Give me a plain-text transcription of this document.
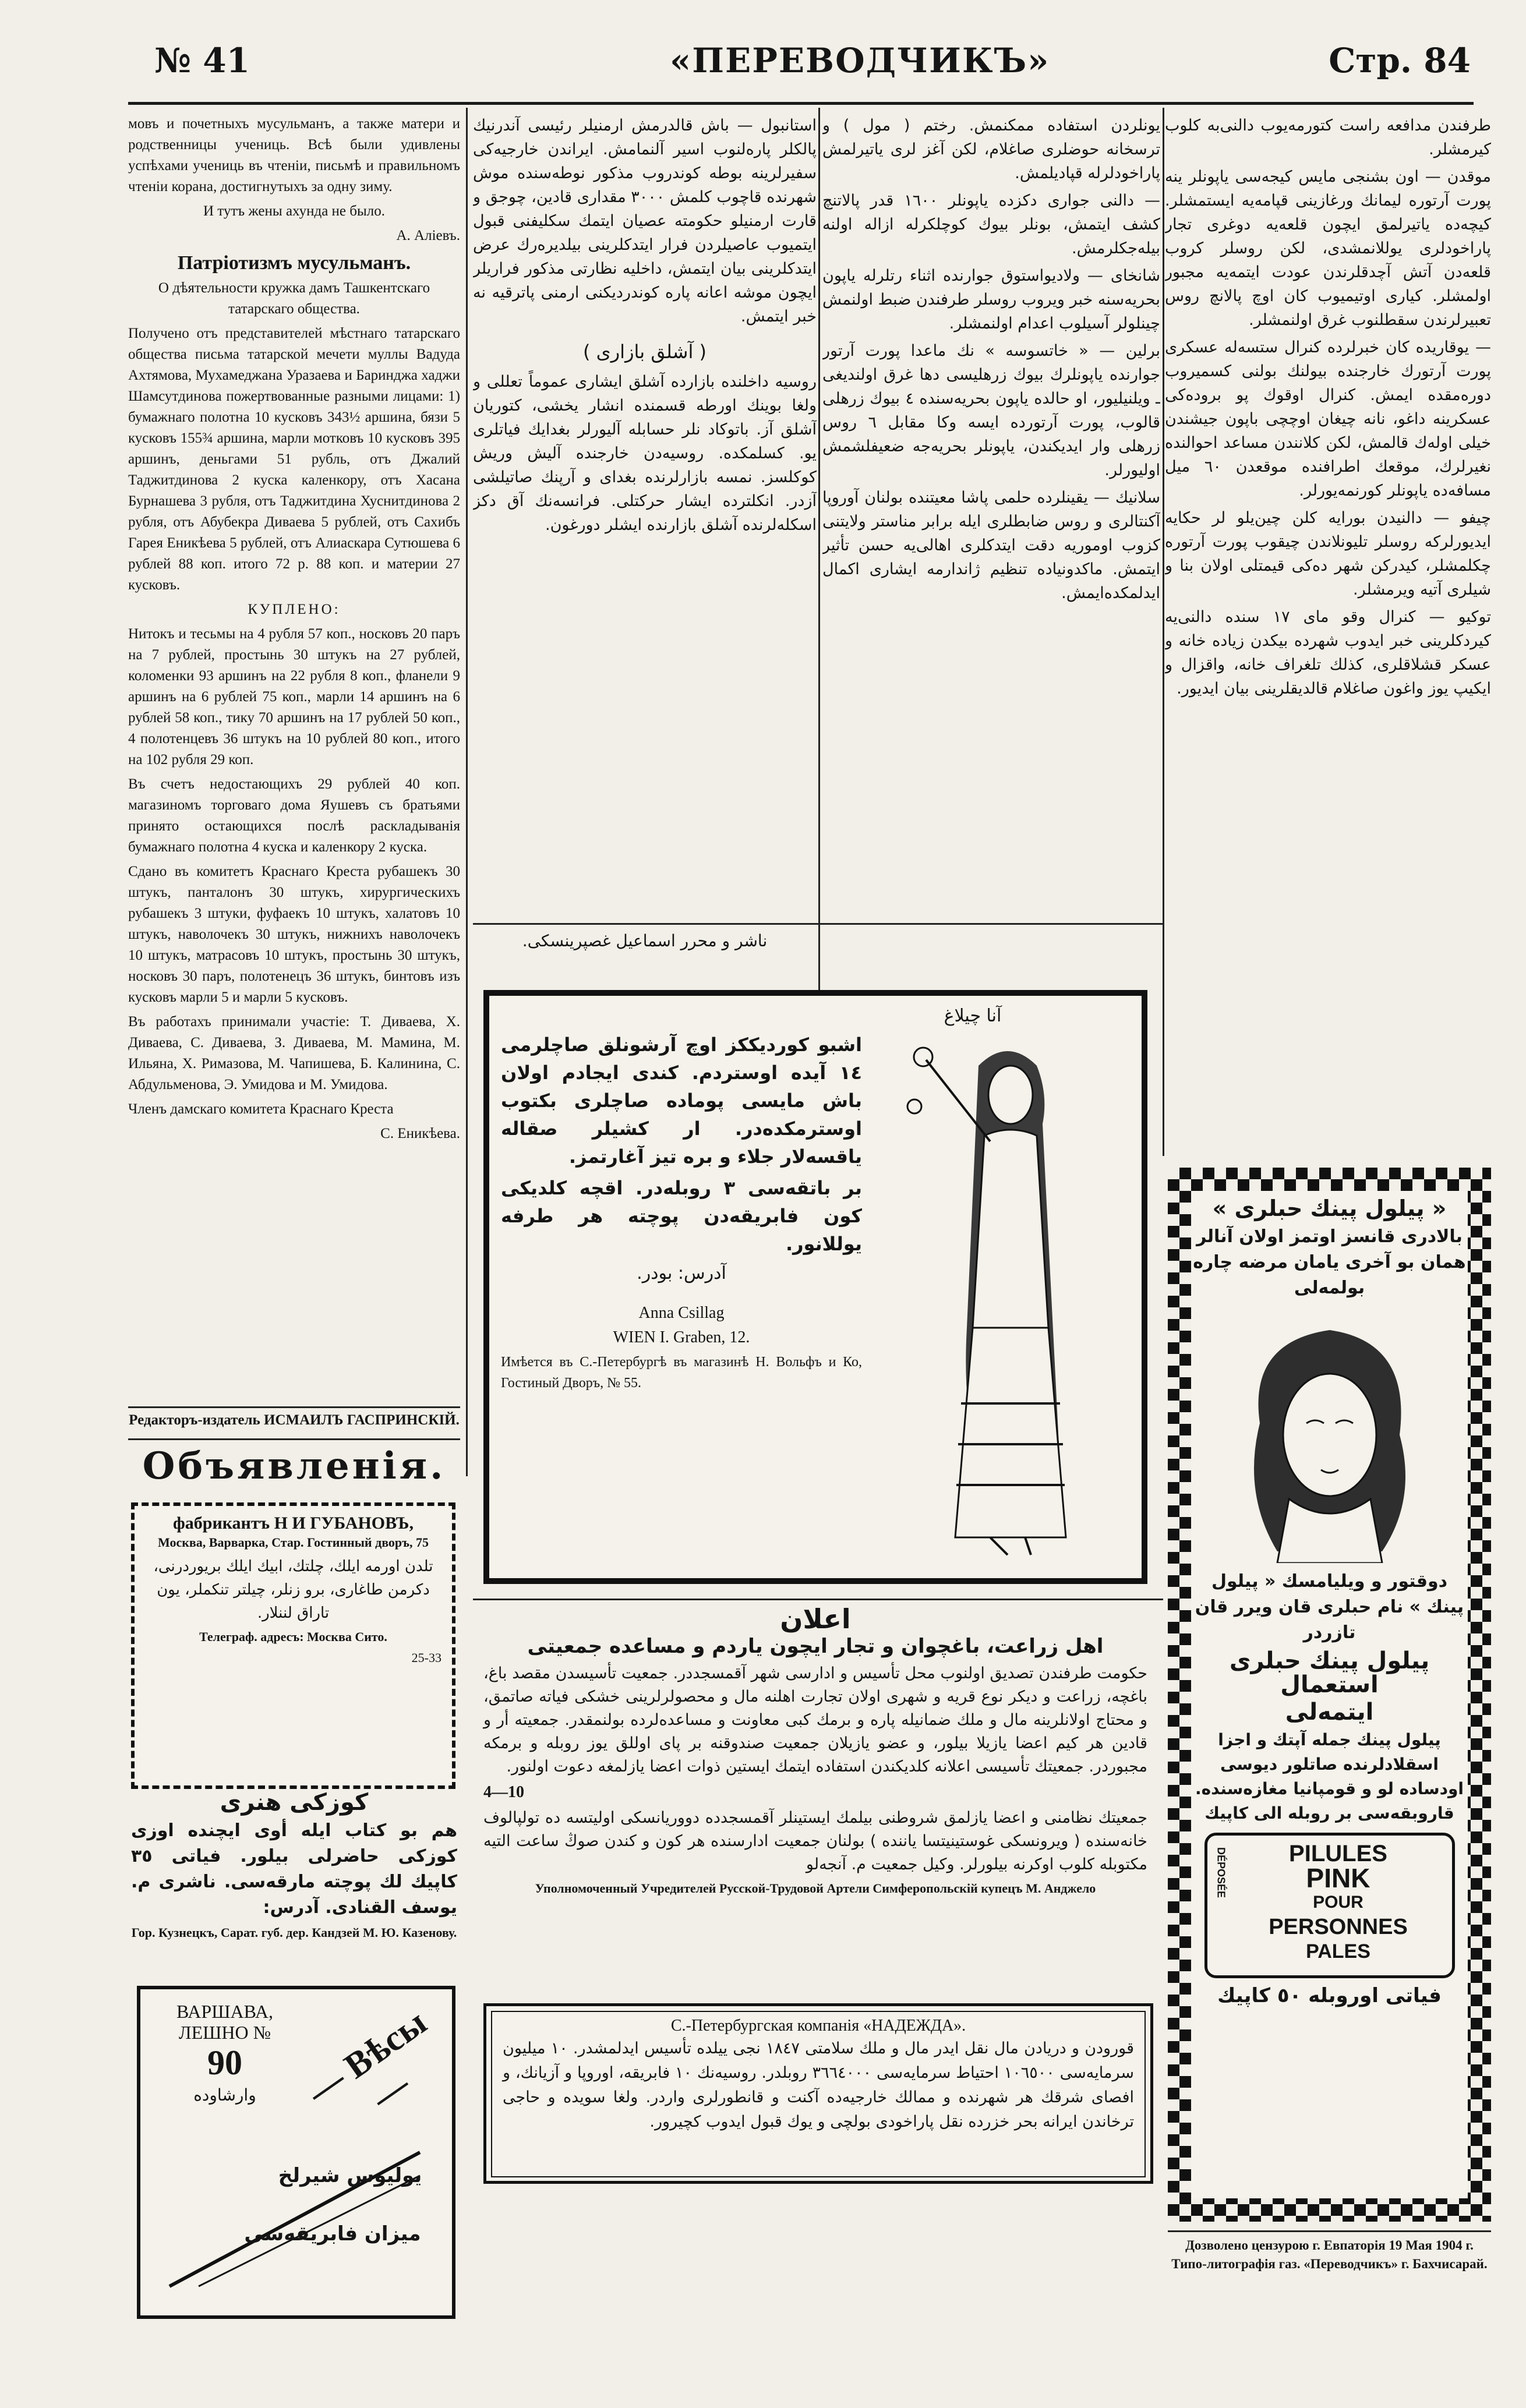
№ 41	«ПЕРЕВОДЧИКЪ»	Стр. 84

мовъ и почетныхъ мусульманъ, а также матери и родственницы учениць. Всѣ были удивлены успѣхами учениць въ чтеніи, письмѣ и правильномъ чтеніи корана, достигнутыхъ за одну зиму.

И тутъ жены ахунда не было.

А. Алiевъ.

Патріотизмъ мусульманъ.

О дѣятельности кружка дамъ Ташкентскаго татарскаго общества.

Получено отъ представителей мѣстнаго татарскаго общества письма татарской мечети муллы Вадуда Ахтямова, Мухамеджана Уразаева и Баринджа хаджи Шамсутдинова пожертвованные разными лицами: 1) бумажнаго полотна 10 кусковъ 343½ аршина, бязи 5 кусковъ 155¾ аршина, марли мотковъ 10 кусковъ 395 аршинъ, деньгами 51 рубль, отъ Джалий Таджитдинова 2 куска каленкору, отъ Хасана Бурнашева 3 рубля, отъ Таджитдина Хуснитдинова 2 рубля, отъ Абубекра Диваева 5 рублей, отъ Сахибъ Гарея Еникѣева 5 рублей, отъ Алиаскара Сутюшева 6 рублей 88 коп. итого 72 р. 88 коп. и материи 27 кусковъ.

КУПЛЕНО:

Нитокъ и тесьмы на 4 рубля 57 коп., носковъ 20 паръ на 7 рублей, простынь 30 штукъ на 27 рублей, коломенки 93 аршинъ на 22 рубля 8 коп., фланели 9 аршинъ на 6 рублей 75 коп., марли 14 аршинъ на 6 рублей 58 коп., тику 70 аршинъ на 17 рублей 50 коп., 4 полотенцевъ 36 штукъ на 10 рублей 80 коп., итого на 102 рубля 29 коп.

Въ счетъ недостающихъ 29 рублей 40 коп. магазиномъ торговаго дома Яушевъ съ братьями принято остающихся послѣ раскладыванія бумажнаго полотна 4 куска и каленкору 2 куска.

Сдано въ комитетъ Краснаго Креста рубашекъ 30 штукъ, панталонъ 30 штукъ, хирургическихъ рубашекъ 3 штуки, фуфаекъ 10 штукъ, халатовъ 10 штукъ, наволочекъ 30 штукъ, нижнихъ наволочекъ 10 штукъ, матрасовъ 10 штукъ, простынь 30 штукъ, носковъ 30 паръ, полотенецъ 36 штукъ, бинтовъ изъ кусковъ марли 5 и марли 5 кусковъ.

Въ работахъ принимали участіе: Т. Диваева, Х. Диваева, С. Диваева, З. Диваева, М. Мамина, М. Ильяна, Х. Римазова, М. Чапишева, Б. Калинина, С. Абдульменова, Э. Умидова и М. Умидова.

Членъ дамскаго комитета Краснаго Креста

С. Еникѣева.

Редакторъ-издатель ИСМАИЛЪ ГАСПРИНСКІЙ.

Объявленія.

фабрикантъ Н И ГУБАНОВЪ,
Москва, Варварка, Стар. Гостинный дворъ, 75
تلدن اورمه ایلك، چلتك، ابیك ایلك بریوردرنی، دکرمن طاغارى، برو زنلر، چیلتر تنکملر، یون تاراق لننلار.
Телеграф. адресъ: Москва Сито.
25-33
کوزکی هنری
هم بو کتاب ایله أوی ایچنده اوزی کوزکی حاضرلی بیلور. فیاتی ٣٥ کاپیك لك پوچته مارقه‌سی. ناشری م. یوسف القنادی. آدرس:
Гор. Кузнецкъ, Сарат. губ. дер. Кандзей М. Ю. Казенову.
ВАРШАВА,
ЛЕШНО №
90
وارشاوده	— Вѣсы —
یولیوس شیرلخ
ميزان فابريقه‌سى

استانبول — باش قالدرمش ارمنیلر رئیسی آندرنیك پالکلر پاره‌لنوب اسیر آلنمامش. ایراندن خارجیه‌کی سفیرلرینه بوطه‌ کوندروب مذکور نوطه‌سنده موش شهرنده قاچوب کلمش ٣٠٠٠ مقداری قادین، چوجق و قارت ارمنیلو حکومته عصیان ایتمك سکلیفنی قبول ایتمیوب عاصیلردن فرار ایتدکلرینی بیلدیره‌رك عرض ایتدکلرینی بیان ایتمش، داخلیه نظارتی مذکور فراریلر ایچون موشه اعانه پاره کوندردیکنی ارمنی پاترقیه‌ نه خبر ایتمش.

( آشلق بازاری )

روسیه داخلنده بازارده آشلق ایشاری عموماً تعللی و ولغا بوینك اورطه قسمنده انشار یخشی، کتوریان آشلق آز. باتوکاد نلر حسابله آلیورلر بغدایك فیاتلری یو. کسلمکده. روسیه‌دن خارجنده آلیش وریش کوکلسز. نمسه بازارلرنده بغدای و آرپنك صاتیلشی آزدر. انکلترده ایشار حرکتلی. فرانسه‌نك آق دکز اسکله‌لرنده آشلق بازارنده ایشلر دورغون.

ناشر و محرر اسماعیل غصپرینسکی.

یونلردن استفاده ممکنمش. رختم ( مول ) و ترسخانه حوضلری صاغلام، لکن آغز لری یاتیرلمش پاراخودلرله قپادیلمش.

— دالنی جواری دکزده یاپونلر ١٦٠٠ قدر پالاتنچ کشف ایتمش، بونلر بیوك کوچلکرله ازاله اولنه بیله‌جکلرمش.

شانخای — ولادیواستوق جوارنده اثناء رتلرله یاپون بحریه‌سنه خبر ویروب روسلر طرفندن ضبط اولنمش چینلولر آسیلوب اعدام اولنمشلر.

برلین — « خاتسوسه » نك ماعدا پورت آرتور جوارنده یاپونلرك بیوك زرهلیسی دها غرق اولندیغی ـ ویلنیلیور، او حالده یاپون بحریه‌سنده ٤ بیوك زرهلی قالوب، پورت آرتورده ایسه وکا مقابل ٦ روس زرهلی وار ایدیکندن، یاپونلر بحریه‌جه ضعیفلشمش اولیورلر.

سلانیك — یقینلرده حلمی پاشا معیتنده بولنان آوروپا آکنتالری و روس ضابطلری ایله برابر مناستر ولایتنی کزوب اوموریه دقت ایتدکلری اهالی‌یه حسن تأثیر ایتمش. ماکدونیاده تنظیم ژاندارمه ایشاری اکمال ایدلمکده‌ایمش.

آنا چیلاغ

اشبو کوردیککز اوچ آرشونلق صاچلرمی ١٤ آیده اوستردم. کندی ایجادم اولان باش مایسی پوماده صاچلری بکتوب اوسترمکده‌در. ار کشیلر صقاله یاقسه‌لار جلاء و بره تیز آغارتمز.

بر باتقه‌سی ٣ روبله‌در. اقچه کلدیکی کون فابریقه‌دن پوچته هر طرفه یوللانور.

آدرس: بودر.

Anna Csillag

WIEN I. Graben, 12.

Имѣется въ С.-Петербургѣ въ магазинѣ Н. Вольфъ и Ко, Гостиный Дворъ, № 55.

اعلان
اهل زراعت، باغچوان و تجار ایچون یاردم و مساعده جمعیتی

حکومت طرفندن تصدیق اولنوب محل تأسیس و ادارسی شهر آقمسجددر. جمعیت تأسیسدن مقصد باغ، باغچه، زراعت و دیکر نوع قریه و شهری اولان تجارت اهلنه مال و محصولرلرینی خشکی فیاته صاتمق، و محتاج اولانلرینه مال و ملك ضمانیله پاره و برمك کبی معاونت و مساعده‌لرده بولنمقدر. جمعیته أر و قادین هر کیم اعضا یازیلا بیلور، و عضو یازیلان جمعیت صندوقنه بر پای اوللق یوز روبله و برمکه مجبوردر. جمعیتك تأسیسی اعلانه کلدیکندن استفاده ایتمك ایستین ذوات اعضا یازلمغه دعوت اولنور.

4—10

جمعیتك نظامنی و اعضا یازلمق شروطنی بیلمك ایستینلر آقمسجدده دووریانسکی اولیتسه ده تولپالوف خانه‌سنده ( ویرونسکی غوستینیتسا یاننده ) بولنان جمعیت ادارسنده هر کون و کندن صوڭ ساعت التیه مکتوبله کلوب اوکرنه بیلورلر. وکیل جمعیت م. آنجه‌لو

Уполномоченный Учредителей Русской-Трудовой Артели Симферопольскій купецъ М. Анджело
С.-Петербургская компанія «НАДЕЖДА».

قورودن و دریادن مال نقل ایدر مال و ملك سلامتی ١٨٤٧ نجی ییلده تأسیس ایدلمشدر. ١٠ میلیون سرمایه‌سی ١٠٦٥٠٠ احتیاط سرمایه‌سی ٣٦٦٤٠٠٠ روبلدر. روسیه‌نك ١٠ فابریقه، اوروپا و آزیانك، و افصای شرقك هر شهرنده و ممالك خارجیه‌ده آکنت و قانطورلری واردر. ولغا سویده و حاجی ترخاندن ایرانه بحر خزرده نقل پاراخودی بولچی و یوك قبول ایدوب کچیرور.

طرفندن مدافعه راست کتورمه‌یوب دالنی‌به کلوب کیرمشلر.

موقدن — اون بشنجی مایس کیجه‌سی یاپونلر ینه پورت آرتوره لیمانك ورغازینی قپامه‌یه ایستمشلر. کیچه‌ده یاتیرلمق ایچون قلعه‌یه دوغری تجار پاراخودلری یوللانمشدی، لکن روسلر کروب قلعه‌دن آتش آچدقلرندن عودت ایتمه‌یه مجبور اولمشلر. کیاری اوتیمیوب کان اوچ پالانچ روس تعبیرلرندن سقطلنوب غرق اولنمشلر.

— یوقاریده کان خبرلرده کنرال ستسه‌له عسکری پورت آرتورك خارجنده بیولنك بولنی کسمیروب دوره‌مقده ایمش. کنرال اوقوك پو بروده‌کی عسکرینه داغو، نانه چیغان اوچچی باپون جیشندن خیلی اوله‌ك قالمش، لکن کلانندن مساعد احوالنده نغیرلرك، موقعك اطرافنده موقعدن ٦٠ میل مسافه‌ده یاپونلر کورنمه‌یورلر.

چیفو — دالنیدن بورایه کلن چین‌یلو لر حکایه ایدیورلرکه روسلر تلیونلاندن چیقوب پورت آرتوره چکلمشلر، کیدرکن شهر ده‌کی قیمتلی اولان بنا و شیلری آتیه ویرمشلر.

توکیو — کنرال وقو مای ١٧ سنده دالنی‌یه کیردکلرینی خبر ایدوب شهرده بیکدن زیاده خانه و عسکر قشلاقلری، کذلك تلغراف خانه، واقزال و ایکیپ یوز واغون صاغلام قالدیقلرینی بیان ایدیور.

« پیلول پینك حبلری »
بالادری قانسز اوتمز اولان آنالر همان بو آخری یامان مرضه چاره بولمه‌لی
دوقتور و ویلیامسك « پیلول پینك » نام حبلری قان ویرر قان تازردر
پیلول پینك حبلری استعمال
ایتمه‌لی
پیلول پینك جمله آپتك و اجزا اسقلادلرنده صاتلور دیوسی اودساده لو و قومپانیا مغازه‌سنده. قاروبقه‌سی بر روبله‌ الی کاپیك
DÉPOSÉE	PILULES
PINK
POUR
PERSONNES
PALES
فیاتی اوروبله ٥٠ کاپیك
Дозволено цензурою г. Евпаторія 19 Мая 1904 г. Типо-литографія газ. «Переводчикъ» г. Бахчисарай.
